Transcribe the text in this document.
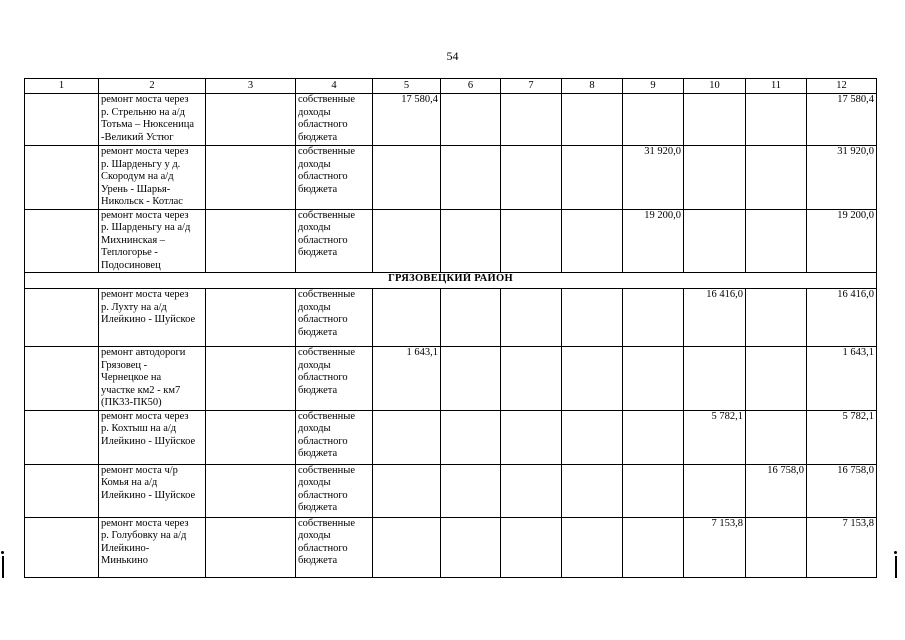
54
1	2	3	4	5	6	7	8	9	10	11	12
	ремонт моста через
р. Стрельню на а/д
Тотьма – Нюксеница
-Великий Устюг		собственные
доходы
областного
бюджета	17 580,4							17 580,4
	ремонт моста через
р. Шарденьгу у д.
Скородум на а/д
Урень - Шарья-
Никольск - Котлас		собственные
доходы
областного
бюджета					31 920,0			31 920,0
	ремонт моста через
р. Шарденьгу на а/д
Михнинская –
Теплогорье -
Подосиновец		собственные
доходы
областного
бюджета					19 200,0			19 200,0
ГРЯЗОВЕЦКИЙ РАЙОН											
	ремонт моста через
р. Лухту на а/д
Илейкино - Шуйское		собственные
доходы
областного
бюджета						16 416,0		16 416,0
	ремонт автодороги
Грязовец -
Чернецкое на
участке км2 - км7
(ПК33-ПК50)		собственные
доходы
областного
бюджета	1 643,1							1 643,1
	ремонт моста через
р. Кохтыш на а/д
Илейкино - Шуйское		собственные
доходы
областного
бюджета						5 782,1		5 782,1
	ремонт моста ч/р
Комья на а/д
Илейкино - Шуйское		собственные
доходы
областного
бюджета							16 758,0	16 758,0
	ремонт моста через
р. Голубовку на а/д
Илейкино-
Минькино		собственные
доходы
областного
бюджета						7 153,8		7 153,8
